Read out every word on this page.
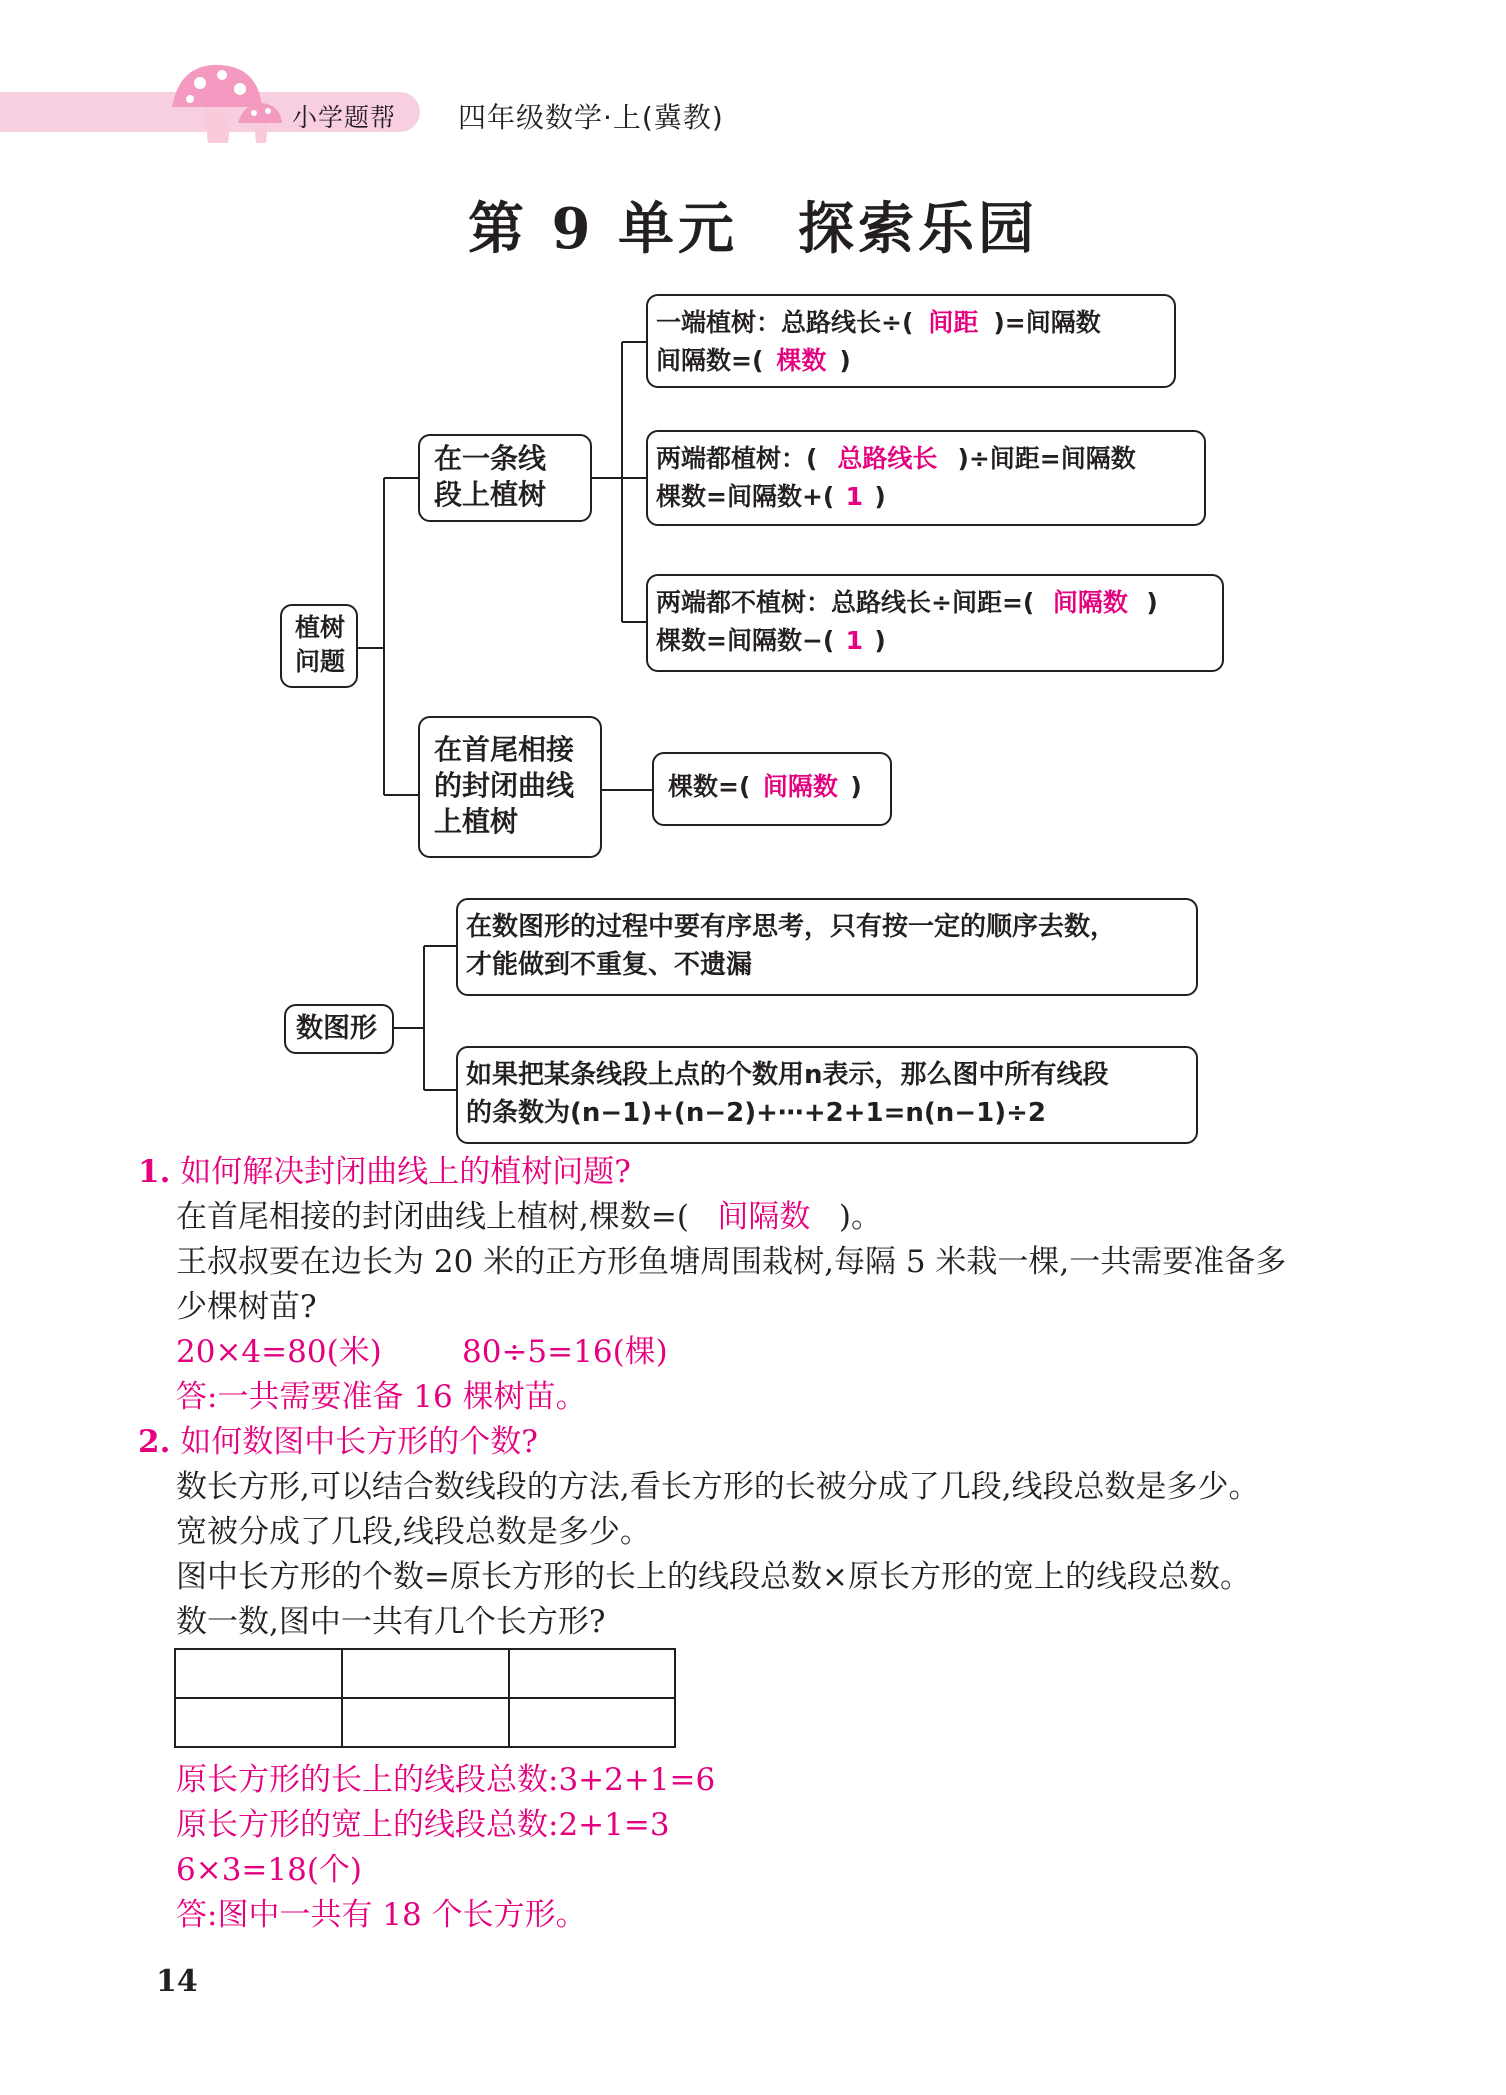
小学题帮 四年级数学·上(冀教)
第 9 单元 探索乐园
植树问题
在一条线段上植树
在首尾相接的封闭曲线上植树
一端植树：总路线长÷( 间距 )=间隔数
间隔数=( 棵数 )
两端都植树：( 总路线长 )÷间距=间隔数
棵数=间隔数+( 1 )
两端都不植树：总路线长÷间距=( 间隔数 )
棵数=间隔数−( 1 )
棵数=( 间隔数 )
数图形
在数图形的过程中要有序思考，只有按一定的顺序去数，
才能做到不重复、不遗漏
如果把某条线段上点的个数用n表示，那么图中所有线段
的条数为(n−1)+(n−2)+⋯+2+1=n(n−1)÷2
1. 如何解决封闭曲线上的植树问题?
在首尾相接的封闭曲线上植树,棵数=( 间隔数 )。
王叔叔要在边长为 20 米的正方形鱼塘周围栽树,每隔 5 米栽一棵,一共需要准备多
少棵树苗?
20×4=80(米)	80÷5=16(棵)
答:一共需要准备 16 棵树苗。
2. 如何数图中长方形的个数?
数长方形,可以结合数线段的方法,看长方形的长被分成了几段,线段总数是多少。
宽被分成了几段,线段总数是多少。
图中长方形的个数=原长方形的长上的线段总数×原长方形的宽上的线段总数。
数一数,图中一共有几个长方形?
原长方形的长上的线段总数:3+2+1=6
原长方形的宽上的线段总数:2+1=3
6×3=18(个)
答:图中一共有 18 个长方形。
14
